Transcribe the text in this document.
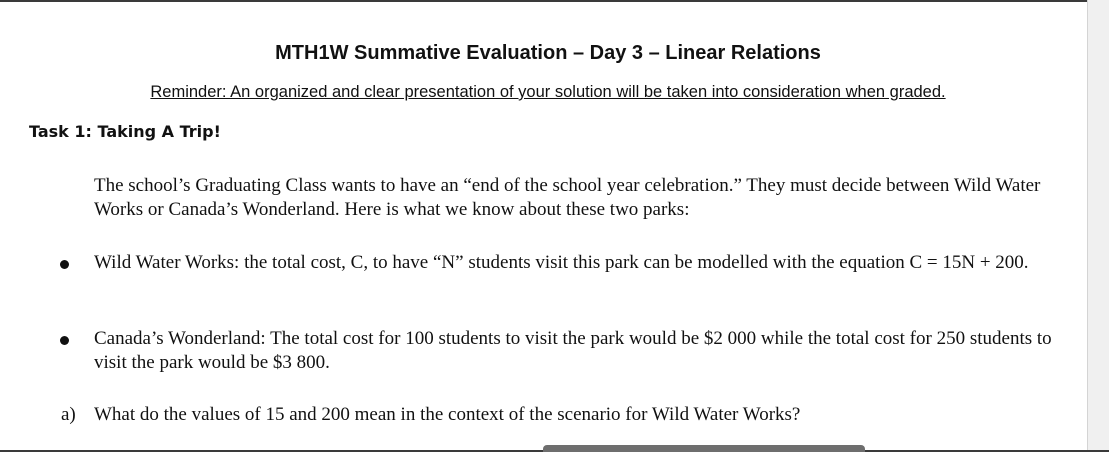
MTH1W Summative Evaluation – Day 3 – Linear Relations

Reminder: An organized and clear presentation of your solution will be taken into consideration when graded.

Task 1: Taking A Trip!

The school’s Graduating Class wants to have an “end of the school year celebration.” They must decide between Wild Water Works or Canada’s Wonderland. Here is what we know about these two parks:

Wild Water Works: the total cost, C, to have “N” students visit this park can be modelled with the equation C = 15N + 200.

Canada’s Wonderland: The total cost for 100 students to visit the park would be $2 000 while the total cost for 250 students to visit the park would be $3 800.

a) What do the values of 15 and 200 mean in the context of the scenario for Wild Water Works?
